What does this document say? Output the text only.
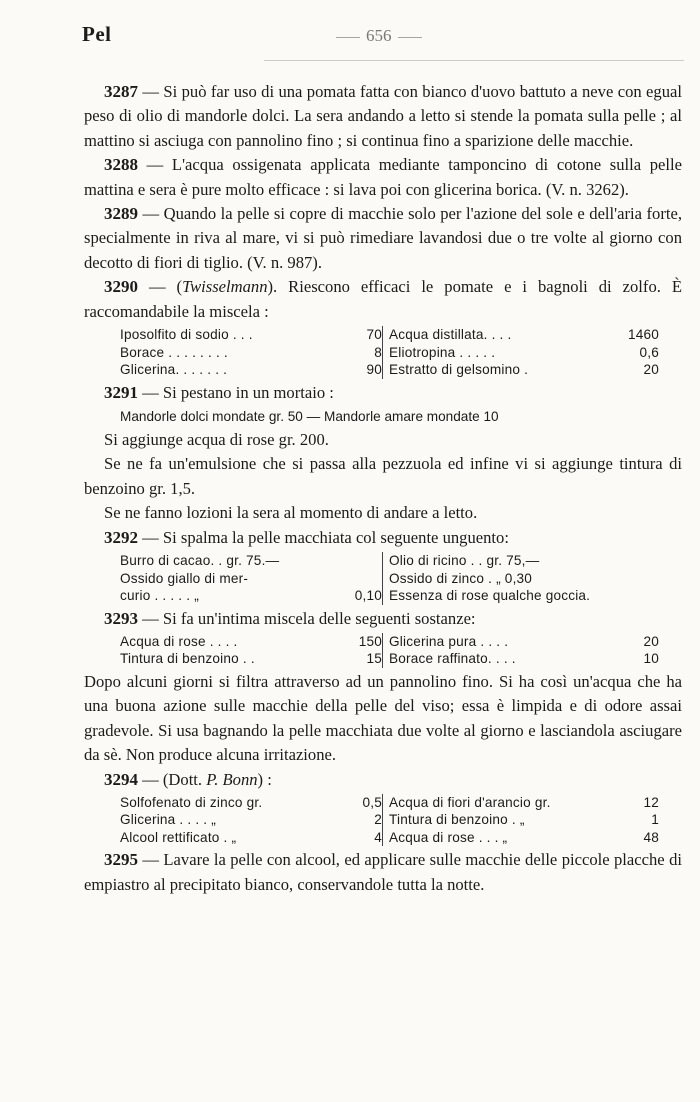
Pel	656

3287 — Si può far uso di una pomata fatta con bianco d'uovo battuto a neve con egual peso di olio di mandorle dolci. La sera andando a letto si stende la pomata sulla pelle ; al mattino si asciuga con pannolino fino ; si continua fino a sparizione delle macchie.

3288 — L'acqua ossigenata applicata mediante tamponcino di cotone sulla pelle mattina e sera è pure molto efficace : si lava poi con glicerina borica. (V. n. 3262).

3289 — Quando la pelle si copre di macchie solo per l'azione del sole e dell'aria forte, specialmente in riva al mare, vi si può rimediare lavandosi due o tre volte al giorno con decotto di fiori di tiglio. (V. n. 987).

3290 — (Twisselmann). Riescono efficaci le pomate e i bagnoli di zolfo. È raccomandabile la miscela :

Iposolfito di sodio . . . 70	Acqua distillata. . . . 1460

Borace . . . . . . . . 8	Eliotropina . . . . . 0,6

Glicerina. . . . . . . 90	Estratto di gelsomino . 20

3291 — Si pestano in un mortaio :

Mandorle dolci mondate gr. 50 — Mandorle amare mondate 10

Si aggiunge acqua di rose gr. 200.

Se ne fa un'emulsione che si passa alla pezzuola ed infine vi si aggiunge tintura di benzoino gr. 1,5.

Se ne fanno lozioni la sera al momento di andare a letto.

3292 — Si spalma la pelle macchiata col seguente unguento:

Burro di cacao. . gr. 75.—	Olio di ricino . . gr. 75,—

Ossido giallo di mer-	Ossido di zinco . „ 0,30

curio . . . . . „ 0,10	Essenza di rose qualche goccia.

3293 — Si fa un'intima miscela delle seguenti sostanze:

Acqua di rose . . . . 150	Glicerina pura . . . . 20

Tintura di benzoino . . 15	Borace raffinato. . . . 10

Dopo alcuni giorni si filtra attraverso ad un pannolino fino. Si ha così un'acqua che ha una buona azione sulle macchie della pelle del viso; essa è limpida e di odore assai gradevole. Si usa bagnando la pelle macchiata due volte al giorno e lasciandola asciugare da sè. Non produce alcuna irritazione.

3294 — (Dott. P. Bonn) :

Solfofenato di zinco gr. 0,5	Acqua di fiori d'arancio gr. 12

Glicerina . . . . „ 2	Tintura di benzoino . „ 1

Alcool rettificato . „ 4	Acqua di rose . . . „ 48

3295 — Lavare la pelle con alcool, ed applicare sulle macchie delle piccole placche di empiastro al precipitato bianco, conservandole tutta la notte.
